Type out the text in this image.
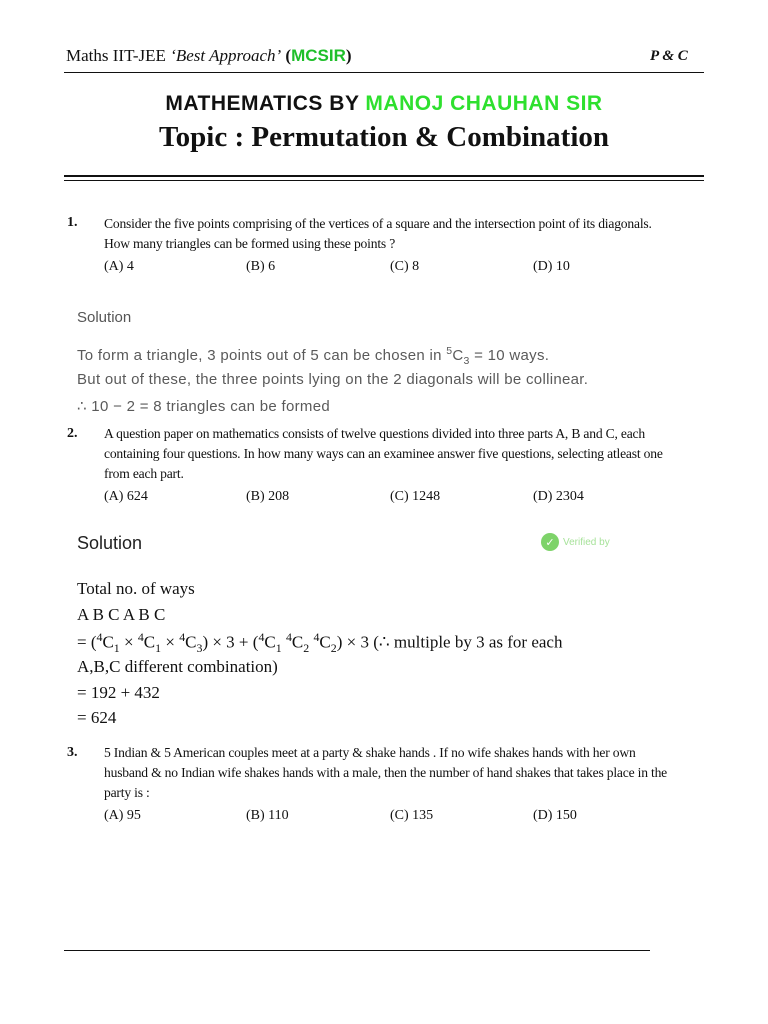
Maths IIT-JEE ‘Best Approach’ (MCSIR)	P & C
MATHEMATICS BY MANOJ CHAUHAN SIR
Topic : Permutation & Combination
1. Consider the five points comprising of the vertices of a square and the intersection point of its diagonals.
How many triangles can be formed using these points ?
(A) 4	(B) 6	(C) 8	(D) 10
Solution
To form a triangle, 3 points out of 5 can be chosen in $^5C_3 = 10$ ways.
But out of these, the three points lying on the 2 diagonals will be collinear.
∴ 10 − 2 = 8 triangles can be formed
2. A question paper on mathematics consists of twelve questions divided into three parts A, B and C, each
containing four questions. In how many ways can an examinee answer five questions, selecting atleast one
from each part.
(A) 624	(B) 208	(C) 1248	(D) 2304
Solution	✓ Verified by
Total no. of ways
A B C A B C
= $(^4C_1 \times ^4C_1 \times ^4C_3) \times 3 + (^4C_1$ $^4C_2$ $^4C_2) \times 3$ (∴ multiple by 3 as for each
A,B,C different combination)
= 192 + 432
= 624
3. 5 Indian & 5 American couples meet at a party & shake hands . If no wife shakes hands with her own
husband & no Indian wife shakes hands with a male, then the number of hand shakes that takes place in the
party is :
(A) 95	(B) 110	(C) 135	(D) 150
